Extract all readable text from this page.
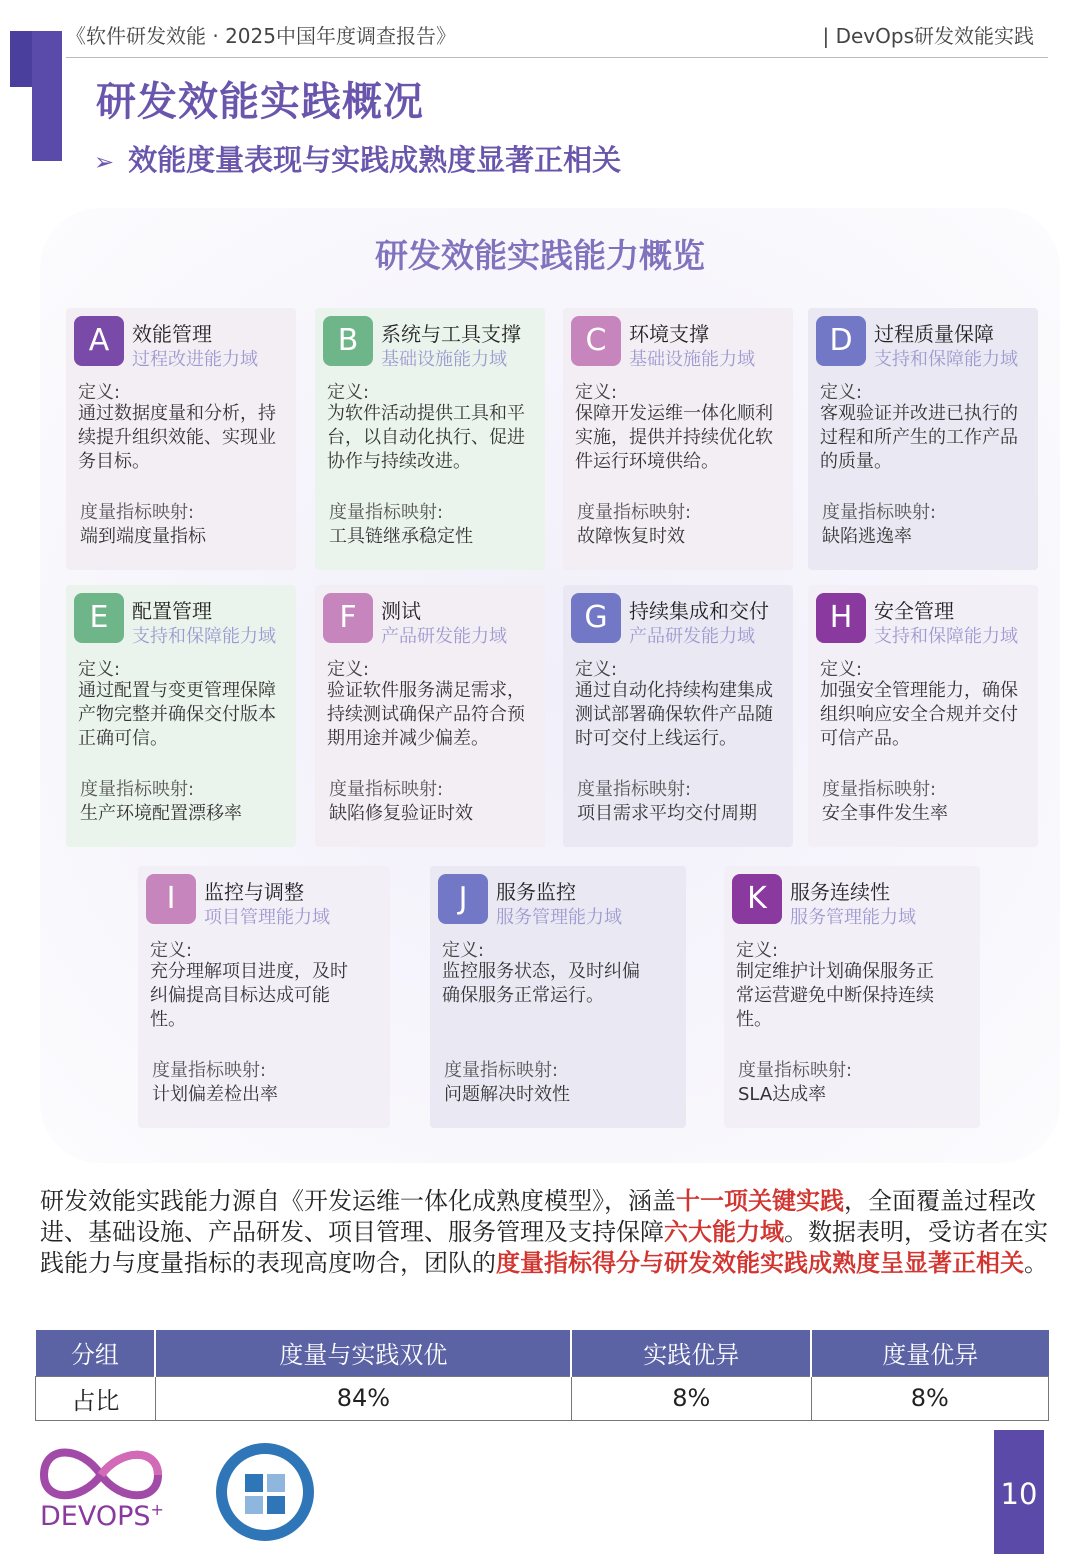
《软件研发效能 · 2025中国年度调查报告》	| DevOps研发效能实践
研发效能实践概况
➢ 效能度量表现与实践成熟度显著正相关
研发效能实践能力概览
A	效能管理
过程改进能力域
定义:
通过数据度量和分析，持续提升组织效能、实现业务目标。
度量指标映射:
端到端度量指标
B	系统与工具支撑
基础设施能力域
定义:
为软件活动提供工具和平台，以自动化执行、促进协作与持续改进。
度量指标映射:
工具链继承稳定性
C	环境支撑
基础设施能力域
定义:
保障开发运维一体化顺利实施，提供并持续优化软件运行环境供给。
度量指标映射:
故障恢复时效
D	过程质量保障
支持和保障能力域
定义:
客观验证并改进已执行的过程和所产生的工作产品的质量。
度量指标映射:
缺陷逃逸率
E	配置管理
支持和保障能力域
定义:
通过配置与变更管理保障产物完整并确保交付版本正确可信。
度量指标映射:
生产环境配置漂移率
F	测试
产品研发能力域
定义:
验证软件服务满足需求，持续测试确保产品符合预期用途并减少偏差。
度量指标映射:
缺陷修复验证时效
G	持续集成和交付
产品研发能力域
定义:
通过自动化持续构建集成测试部署确保软件产品随时可交付上线运行。
度量指标映射:
项目需求平均交付周期
H	安全管理
支持和保障能力域
定义:
加强安全管理能力，确保组织响应安全合规并交付可信产品。
度量指标映射:
安全事件发生率
I	监控与调整
项目管理能力域
定义:
充分理解项目进度，及时纠偏提高目标达成可能性。
度量指标映射:
计划偏差检出率
J	服务监控
服务管理能力域
定义:
监控服务状态，及时纠偏确保服务正常运行。
度量指标映射:
问题解决时效性
K	服务连续性
服务管理能力域
定义:
制定维护计划确保服务正常运营避免中断保持连续性。
度量指标映射:
SLA达成率
研发效能实践能力源自《开发运维一体化成熟度模型》，涵盖十一项关键实践，全面覆盖过程改进、基础设施、产品研发、项目管理、服务管理及支持保障六大能力域。数据表明，受访者在实践能力与度量指标的表现高度吻合，团队的度量指标得分与研发效能实践成熟度呈显著正相关。
分组	度量与实践双优	实践优异	度量优异
占比	84%	8%	8%
DEVOPS+	10
